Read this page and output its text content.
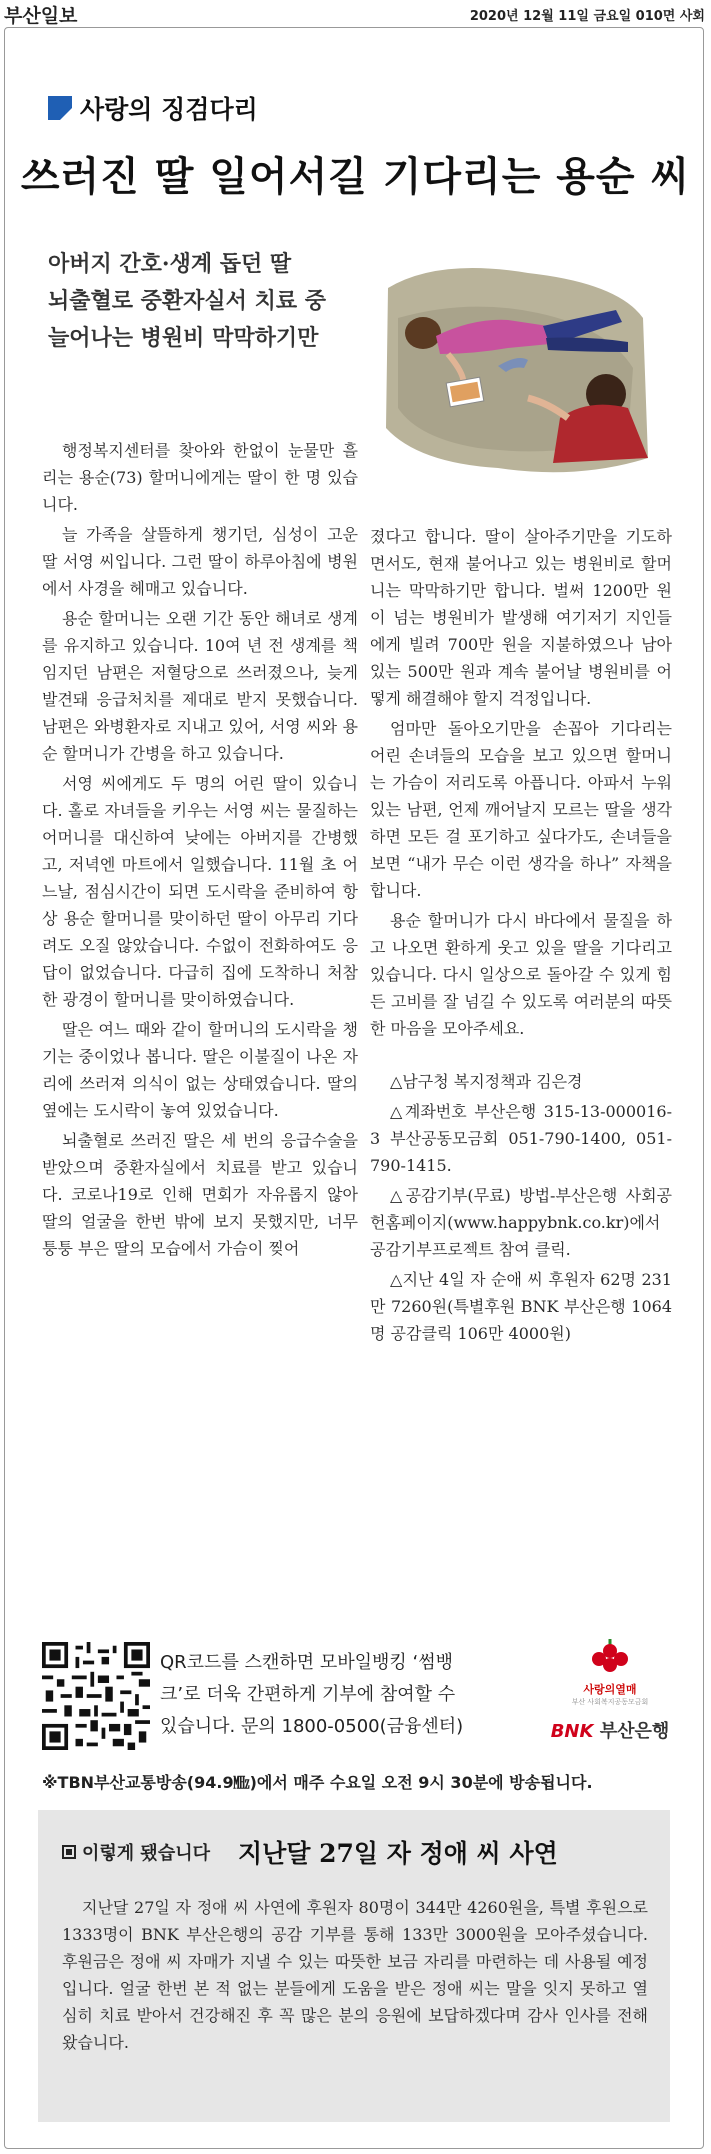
부산일보	2020년 12월 11일 금요일 010면 사회
사랑의 징검다리
쓰러진 딸 일어서길 기다리는 용순 씨
아버지 간호·생계 돕던 딸
뇌출혈로 중환자실서 치료 중
늘어나는 병원비 막막하기만

행정복지센터를 찾아와 한없이 눈물만 흘리는 용순(73) 할머니에게는 딸이 한 명 있습니다.

늘 가족을 살뜰하게 챙기던, 심성이 고운 딸 서영 씨입니다. 그런 딸이 하루아침에 병원에서 사경을 헤매고 있습니다.

용순 할머니는 오랜 기간 동안 해녀로 생계를 유지하고 있습니다. 10여 년 전 생계를 책임지던 남편은 저혈당으로 쓰러졌으나, 늦게 발견돼 응급처치를 제대로 받지 못했습니다. 남편은 와병환자로 지내고 있어, 서영 씨와 용순 할머니가 간병을 하고 있습니다.

서영 씨에게도 두 명의 어린 딸이 있습니다. 홀로 자녀들을 키우는 서영 씨는 물질하는 어머니를 대신하여 낮에는 아버지를 간병했고, 저녁엔 마트에서 일했습니다. 11월 초 어느날, 점심시간이 되면 도시락을 준비하여 항상 용순 할머니를 맞이하던 딸이 아무리 기다려도 오질 않았습니다. 수없이 전화하여도 응답이 없었습니다. 다급히 집에 도착하니 처참한 광경이 할머니를 맞이하였습니다.

딸은 여느 때와 같이 할머니의 도시락을 챙기는 중이었나 봅니다. 딸은 이불질이 나온 자리에 쓰러져 의식이 없는 상태였습니다. 딸의 옆에는 도시락이 놓여 있었습니다.

뇌출혈로 쓰러진 딸은 세 번의 응급수술을 받았으며 중환자실에서 치료를 받고 있습니다. 코로나19로 인해 면회가 자유롭지 않아 딸의 얼굴을 한번 밖에 보지 못했지만, 너무 퉁퉁 부은 딸의 모습에서 가슴이 찢어

졌다고 합니다. 딸이 살아주기만을 기도하면서도, 현재 불어나고 있는 병원비로 할머니는 막막하기만 합니다. 벌써 1200만 원이 넘는 병원비가 발생해 여기저기 지인들에게 빌려 700만 원을 지불하였으나 남아있는 500만 원과 계속 불어날 병원비를 어떻게 해결해야 할지 걱정입니다.

엄마만 돌아오기만을 손꼽아 기다리는 어린 손녀들의 모습을 보고 있으면 할머니는 가슴이 저리도록 아픕니다. 아파서 누워있는 남편, 언제 깨어날지 모르는 딸을 생각하면 모든 걸 포기하고 싶다가도, 손녀들을 보면 “내가 무슨 이런 생각을 하나” 자책을 합니다.

용순 할머니가 다시 바다에서 물질을 하고 나오면 환하게 웃고 있을 딸을 기다리고 있습니다. 다시 일상으로 돌아갈 수 있게 힘든 고비를 잘 넘길 수 있도록 여러분의 따뜻한 마음을 모아주세요.

△남구청 복지정책과 김은경

△계좌번호 부산은행 315-13-000016-3 부산공동모금회 051-790-1400, 051-790-1415.

△공감기부(무료) 방법-부산은행 사회공헌홈페이지(www.happybnk.co.kr)에서 공감기부프로젝트 참여 클릭.

△지난 4일 자 순애 씨 후원자 62명 231만 7260원(특별후원 BNK 부산은행 1064명 공감클릭 106만 4000원)

QR코드를 스캔하면 모바일뱅킹 ‘썸뱅
크’로 더욱 간편하게 기부에 참여할 수
있습니다. 문의 1800-0500(금융센터)
사랑의열매
부산 사회복지공동모금회
BNK 부산은행
※TBN부산교통방송(94.9㎒)에서 매주 수요일 오전 9시 30분에 방송됩니다.
이렇게 됐습니다 지난달 27일 자 정애 씨 사연
지난달 27일 자 정애 씨 사연에 후원자 80명이 344만 4260원을, 특별 후원으로 1333명이 BNK 부산은행의 공감 기부를 통해 133만 3000원을 모아주셨습니다. 후원금은 정애 씨 자매가 지낼 수 있는 따뜻한 보금 자리를 마련하는 데 사용될 예정입니다. 얼굴 한번 본 적 없는 분들에게 도움을 받은 정애 씨는 말을 잇지 못하고 열심히 치료 받아서 건강해진 후 꼭 많은 분의 응원에 보답하겠다며 감사 인사를 전해 왔습니다.
